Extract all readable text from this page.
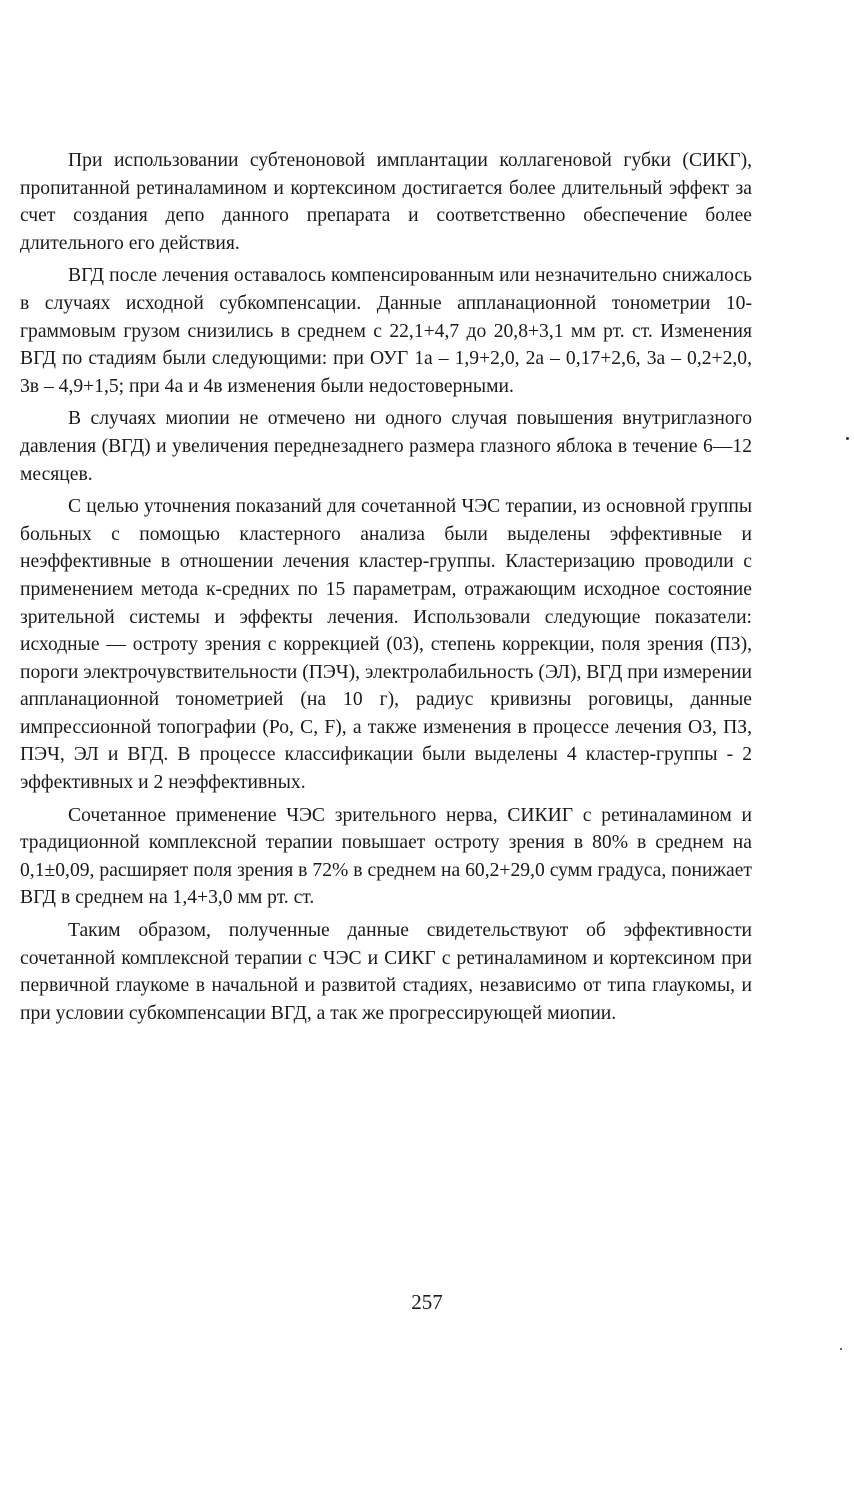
При использовании субтеноновой имплантации коллагеновой губки (СИКГ), пропитанной ретиналамином и кортексином достигается более длительный эффект за счет создания депо данного препарата и соответственно обеспечение более длительного его действия.

ВГД после лечения оставалось компенсированным или незначительно снижалось в случаях исходной субкомпенсации. Данные аппланационной тонометрии 10-граммовым грузом снизились в среднем с 22,1+4,7 до 20,8+3,1 мм рт. ст. Изменения ВГД по стадиям были следующими: при ОУГ 1а – 1,9+2,0, 2а – 0,17+2,6, 3а – 0,2+2,0, 3в – 4,9+1,5; при 4а и 4в изменения были недостоверными.

В случаях миопии не отмечено ни одного случая повышения внутриглазного давления (ВГД) и увеличения переднезаднего размера глазного яблока в течение 6—12 месяцев.

С целью уточнения показаний для сочетанной ЧЭС терапии, из основной группы больных с помощью кластерного анализа были выделены эффективные и неэффективные в отношении лечения кластер-группы. Кластеризацию проводили с применением метода к-средних по 15 параметрам, отражающим исходное состояние зрительной системы и эффекты лечения. Использовали следующие показатели: исходные — остроту зрения с коррекцией (03), степень коррекции, поля зрения (ПЗ), пороги электрочувствительности (ПЭЧ), электролабильность (ЭЛ), ВГД при измерении аппланационной тонометрией (на 10 г), радиус кривизны роговицы, данные импрессионной топографии (Ро, С, F), а также изменения в процессе лечения ОЗ, ПЗ, ПЭЧ, ЭЛ и ВГД. В процессе классификации были выделены 4 кластер-группы - 2 эффективных и 2 неэффективных.

Сочетанное применение ЧЭС зрительного нерва, СИКИГ с ретиналамином и традиционной комплексной терапии повышает остроту зрения в 80% в среднем на 0,1±0,09, расширяет поля зрения в 72% в среднем на 60,2+29,0 сумм градуса, понижает ВГД в среднем на 1,4+3,0 мм рт. ст.

Таким образом, полученные данные свидетельствуют об эффективности сочетанной комплексной терапии с ЧЭС и СИКГ с ретиналамином и кортексином при первичной глаукоме в начальной и развитой стадиях, независимо от типа глаукомы, и при условии субкомпенсации ВГД, а так же прогрессирующей миопии.

257
